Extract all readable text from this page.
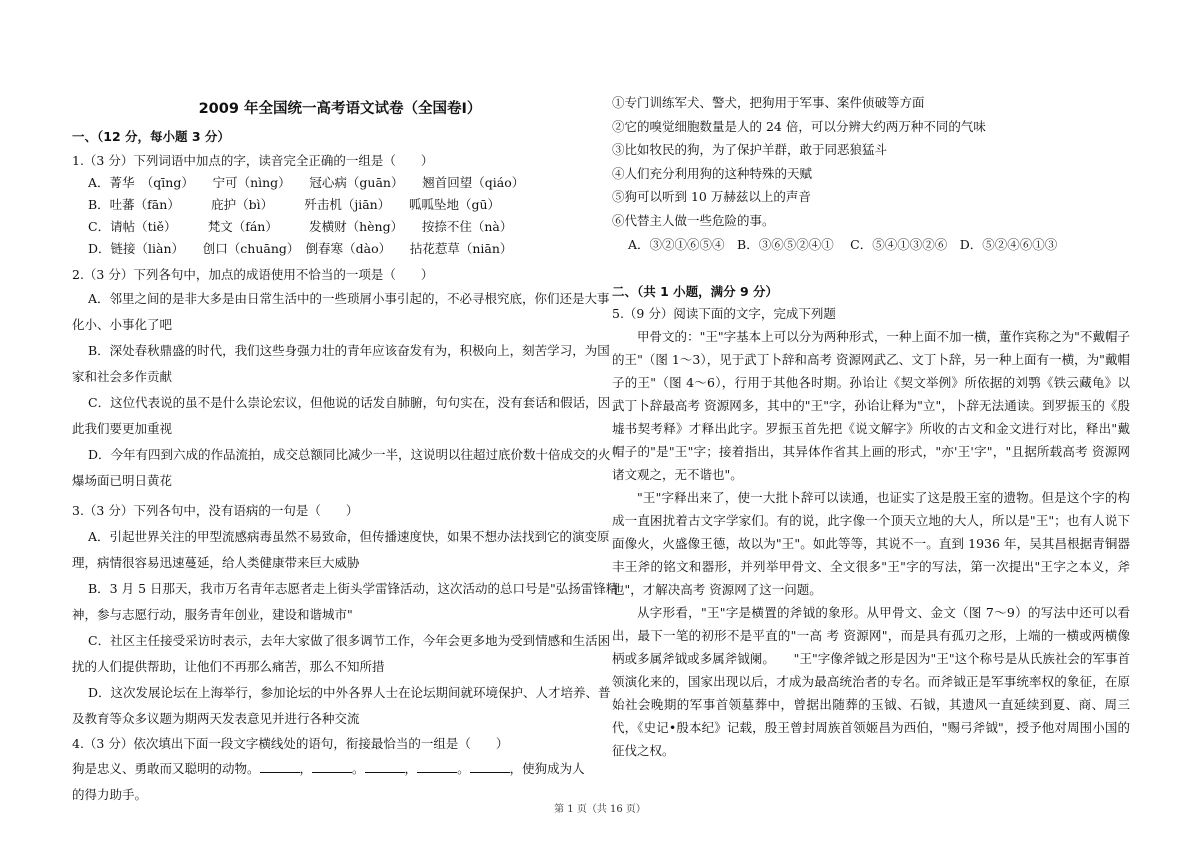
2009 年全国统一高考语文试卷（全国卷Ⅰ）
一、（12 分，每小题 3 分）
1.（3 分）下列词语中加点的字，读音完全正确的一组是（　　）
A．菁华　（qīng）　　宁可（nìng）　　冠心病（guān）　　翘首回望（qiáo）
B．吐蕃（fān）　　　庇护（bì）　　　歼击机（jiān）　　呱呱坠地（gū）
C．请帖（tiě）　　　梵文（fán）　　　发横财（hèng）　　按捺不住（nà）
D．链接（liàn）　　创口（chuāng）　倒春寒（dào）　　拈花惹草（niān）
2.（3 分）下列各句中，加点的成语使用不恰当的一项是（　　）
A．邻里之间的是非大多是由日常生活中的一些琐屑小事引起的，不必寻根究底，你们还是大事
化小、小事化了吧
B．深处春秋鼎盛的时代，我们这些身强力壮的青年应该奋发有为，积极向上，刻苦学习，为国
家和社会多作贡献
C．这位代表说的虽不是什么崇论宏议，但他说的话发自肺腑，句句实在，没有套话和假话，因
此我们要更加重视
D．今年有四到六成的作品流拍，成交总额同比减少一半，这说明以往超过底价数十倍成交的火
爆场面已明日黄花
3.（3 分）下列各句中，没有语病的一句是（　　）
A．引起世界关注的甲型流感病毒虽然不易致命，但传播速度快，如果不想办法找到它的演变原
理，病情很容易迅速蔓延，给人类健康带来巨大威胁
B．3 月 5 日那天，我市万名青年志愿者走上街头学雷锋活动，这次活动的总口号是"弘扬雷锋精
神，参与志愿行动，服务青年创业，建设和谐城市"
C．社区主任接受采访时表示，去年大家做了很多调节工作，今年会更多地为受到情感和生活困
扰的人们提供帮助，让他们不再那么痛苦，那么不知所措
D．这次发展论坛在上海举行，参加论坛的中外各界人士在论坛期间就环境保护、人才培养、普
及教育等众多议题为期两天发表意见并进行各种交流
4.（3 分）依次填出下面一段文字横线处的语句，衔接最恰当的一组是（　　）
狗是忠义、勇敢而又聪明的动物。	，	。	，	。	，使狗成为人
的得力助手。
①专门训练军犬、警犬，把狗用于军事、案件侦破等方面
②它的嗅觉细胞数量是人的 24 倍，可以分辨大约两万种不同的气味
③比如牧民的狗，为了保护羊群，敢于同恶狼猛斗
④人们充分利用狗的这种特殊的天赋
⑤狗可以听到 10 万赫兹以上的声音
⑥代替主人做一些危险的事。
A．③②①⑥⑤④　B．③⑥⑤②④①　 C．⑤④①③②⑥　D．⑤②④⑥①③
二、（共 1 小题，满分 9 分）
5.（9 分）阅读下面的文字，完成下列题
甲骨文的："王"字基本上可以分为两种形式，一种上面不加一横，董作宾称之为"不戴帽子的王"（图 1～3），见于武丁卜辞和高考 资源网武乙、文丁卜辞，另一种上面有一横，为"戴帽子的王"（图 4～6），行用于其他各时期。孙诒让《契文举例》所依据的刘鹗《铁云藏龟》以武丁卜辞最高考 资源网多，其中的"王"字，孙诒让释为"立"，卜辞无法通读。到罗振玉的《殷墟书契考释》才释出此字。罗振玉首先把《说文解字》所收的古文和金文进行对比，释出"戴帽子的"是"王"字；接着指出，其异体作省其上画的形式，"亦'王'字"，"且据所载高考 资源网诸文观之，无不谐也"。
"王"字释出来了，使一大批卜辞可以读通，也证实了这是殷王室的遗物。但是这个字的构成一直困扰着古文字学家们。有的说，此字像一个顶天立地的大人，所以是"王"；也有人说下面像火，火盛像王德，故以为"王"。如此等等，其说不一。直到 1936 年，吴其昌根据青铜器丰王斧的铭文和器形，并列举甲骨文、全文很多"王"字的写法，第一次提出"王字之本义，斧也"，才解决高考 资源网了这一问题。
从字形看，"王"字是横置的斧钺的象形。从甲骨文、金文（图 7～9）的写法中还可以看出，最下一笔的初形不是平直的"一高 考 资源网"，而是具有孤刃之形，上端的一横或两横像柄或多属斧钺或多属斧钺阑。　　"王"字像斧钺之形是因为"王"这个称号是从氏族社会的军事首领演化来的，国家出现以后，才成为最高统治者的专名。而斧钺正是军事统率权的象征，在原始社会晚期的军事首领墓葬中，曾据出随葬的玉钺、石钺，其遗风一直延续到夏、商、周三代，《史记•殷本纪》记载，殷王曾封周族首领姬昌为西伯，"赐弓斧钺"，授予他对周围小国的征伐之权。
第 1 页（共 16 页）
